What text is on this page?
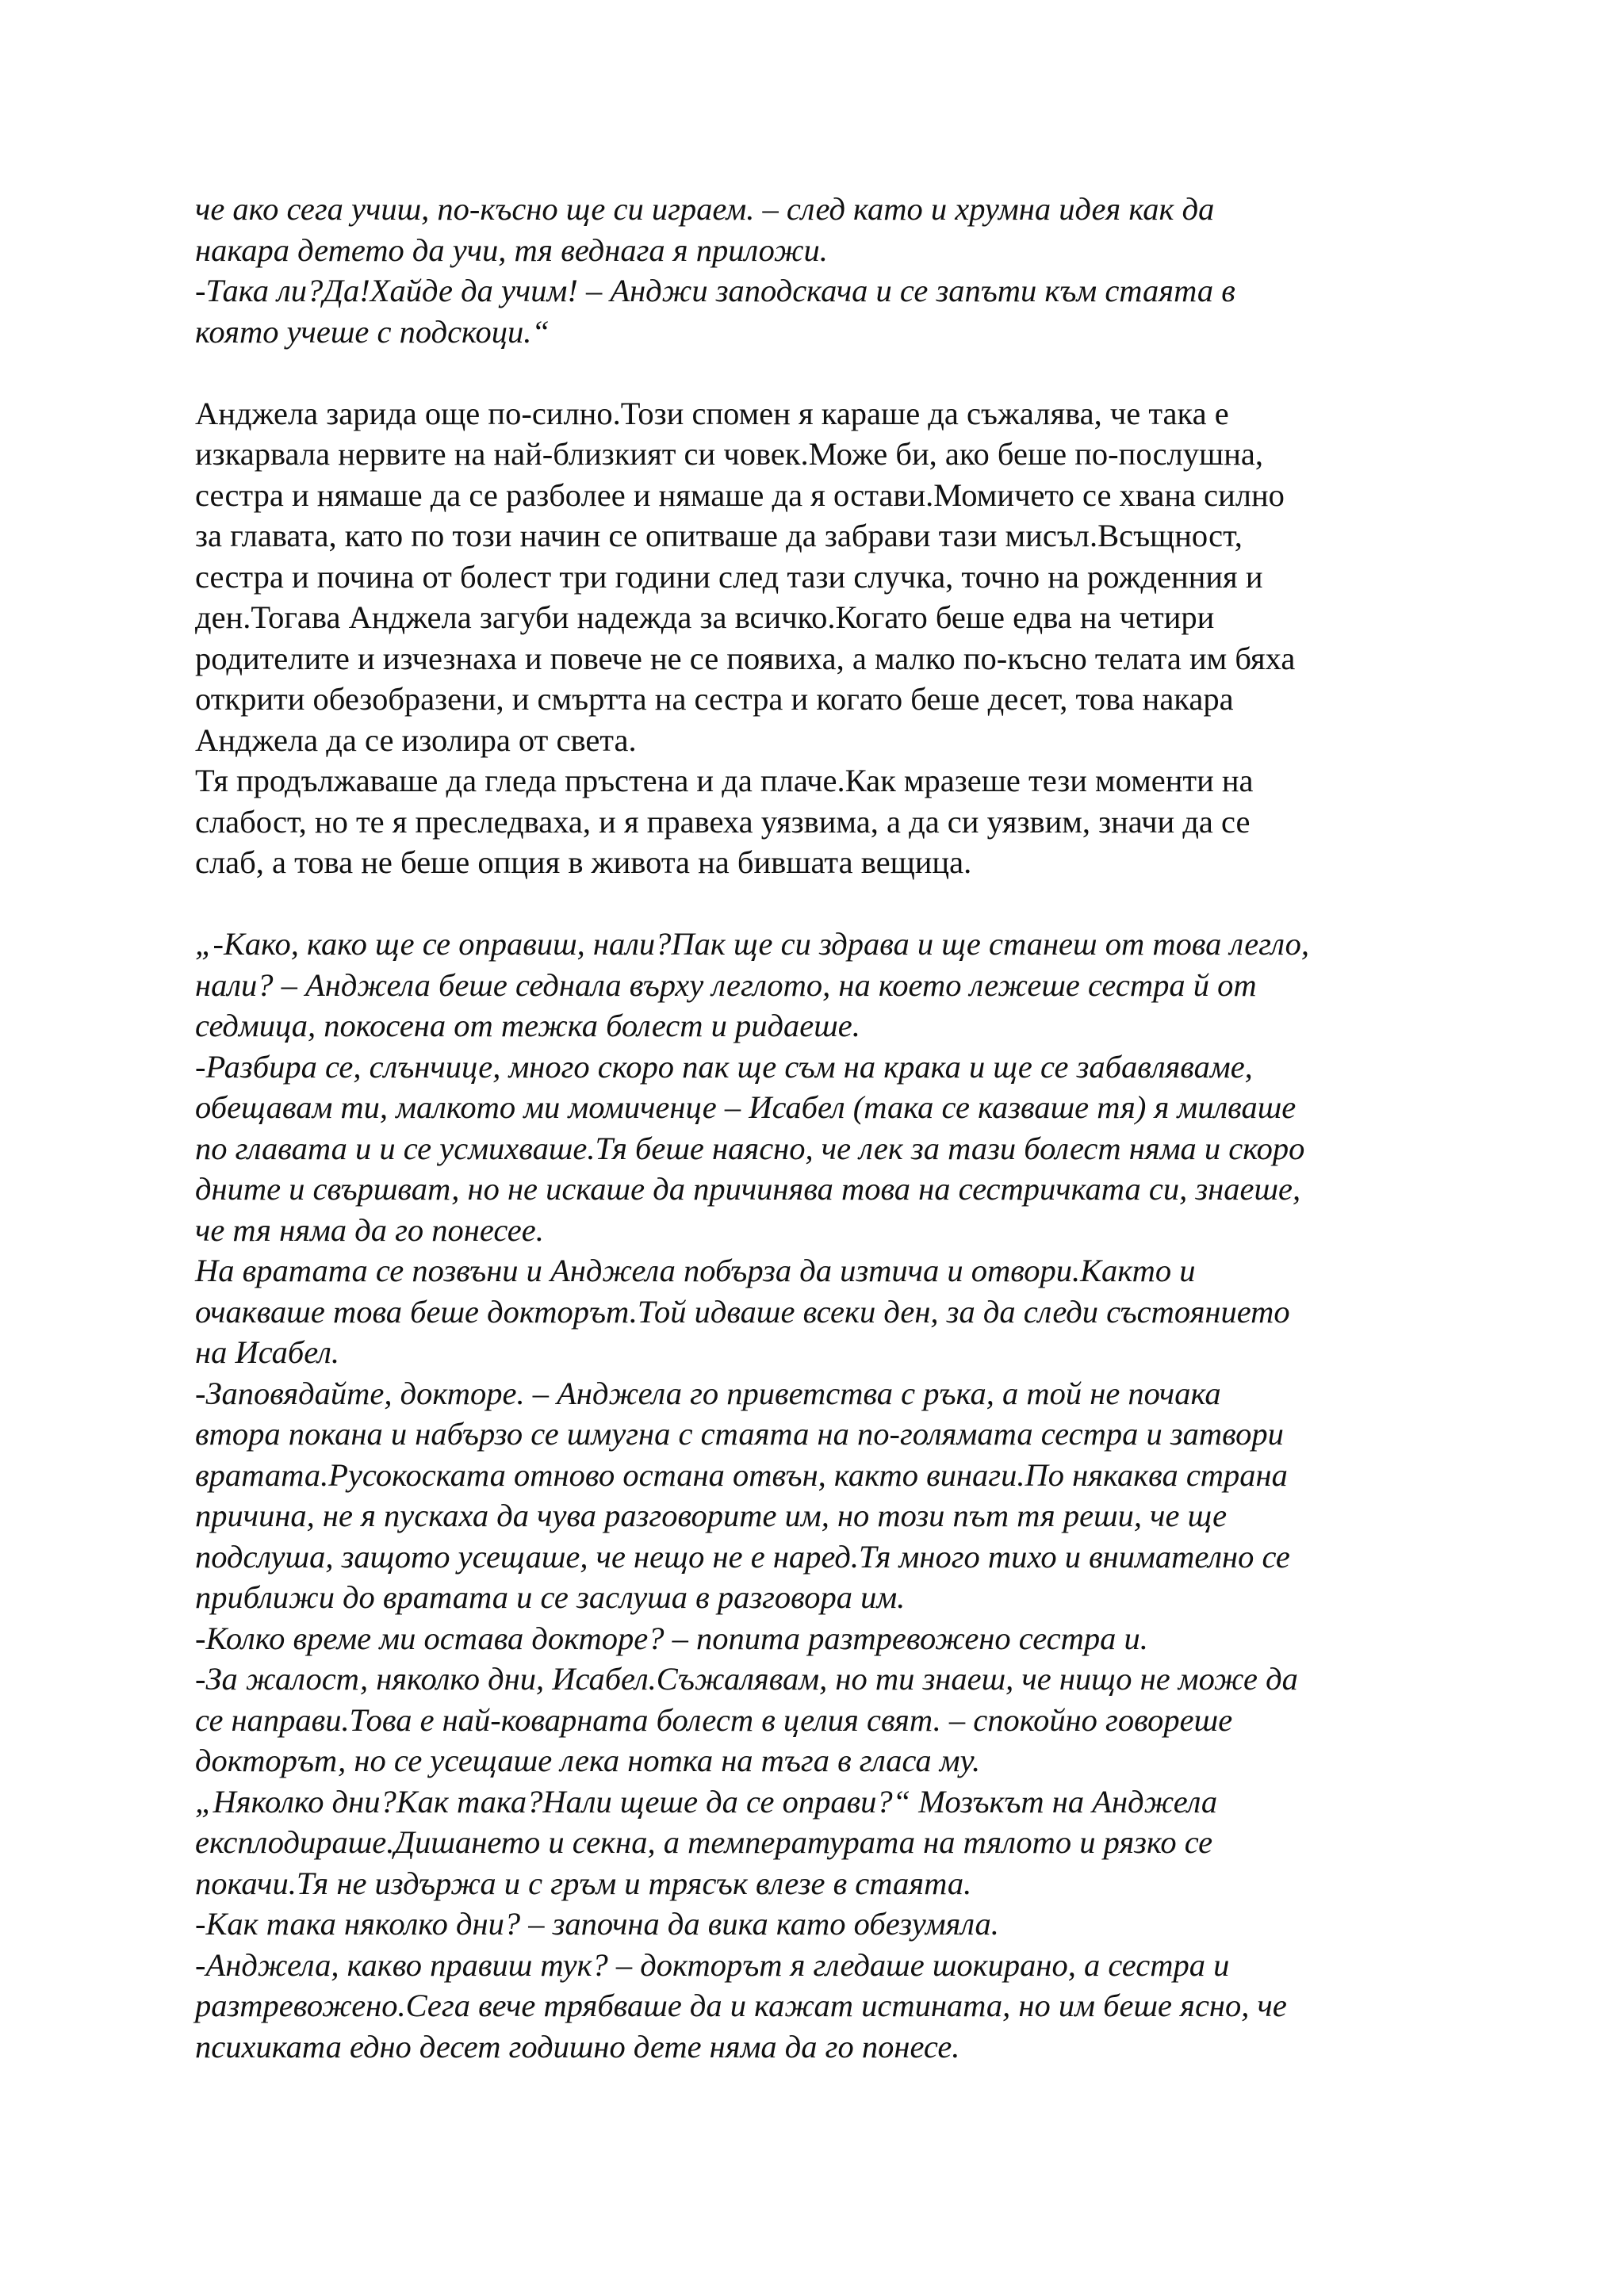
че ако сега учиш, по-късно ще си играем. – след като и хрумна идея как да
накара детето да учи, тя веднага я приложи.
-Така ли?Да!Хайде да учим! – Анджи заподскача и се запъти към стаята в
която учеше с подскоци.“
Анджела зарида още по-силно.Този спомен я караше да съжалява, че така е
изкарвала нервите на най-близкият си човек.Може би, ако беше по-послушна,
сестра и нямаше да се разболее и нямаше да я остави.Момичето се хвана силно
за главата, като по този начин се опитваше да забрави тази мисъл.Всъщност,
сестра и почина от болест три години след тази случка, точно на рожденния и
ден.Тогава Анджела загуби надежда за всичко.Когато беше едва на четири
родителите и изчезнаха и повече не се появиха, а малко по-късно телата им бяха
открити обезобразени, и смъртта на сестра и когато беше десет, това накара
Анджела да се изолира от света.
Тя продължаваше да гледа пръстена и да плаче.Как мразеше тези моменти на
слабост, но те я преследваха, и я правеха уязвима, а да си уязвим, значи да се
слаб, а това не беше опция в живота на бившата вещица.
„-Како, како ще се оправиш, нали?Пак ще си здрава и ще станеш от това легло,
нали? – Анджела беше седнала върху леглото, на което лежеше сестра й от
седмица, покосена от тежка болест и ридаеше.
-Разбира се, слънчице, много скоро пак ще съм на крака и ще се забавляваме,
обещавам ти, малкото ми момиченце – Исабел (така се казваше тя) я милваше
по главата и и се усмихваше.Тя беше наясно, че лек за тази болест няма и скоро
дните и свършват, но не искаше да причинява това на сестричката си, знаеше,
че тя няма да го понесее.
На вратата се позвъни и Анджела побърза да изтича и отвори.Както и
очакваше това беше докторът.Той идваше всеки ден, за да следи състоянието
на Исабел.
-Заповядайте, докторе. – Анджела го приветства с ръка, а той не почака
втора покана и набързо се шмугна с стаята на по-голямата сестра и затвори
вратата.Русокоската отново остана отвън, както винаги.По някаква странa
причина, не я пускаха да чува разговорите им, но този път тя реши, че ще
подслуша, защото усещаше, че нещо не е наред.Тя много тихо и внимателно се
приближи до вратата и се заслуша в разговора им.
-Колко време ми остава докторе? – попита разтревожено сестра и.
-За жалост, няколко дни, Исабел.Съжалявам, но ти знаеш, че нищо не може да
се направи.Това е най-коварната болест в целия свят. – спокойно говореше
докторът, но се усещаше лека нотка на тъга в гласа му.
„Няколко дни?Как така?Нали щеше да се оправи?“ Мозъкът на Анджела
експлодираше.Дишането и секна, а температурата на тялото и рязко се
покачи.Тя не издържа и с гръм и трясък влезе в стаята.
-Как така няколко дни? – започна да вика като обезумяла.
-Анджела, какво правиш тук? – докторът я гледаше шокирано, а сестра и
разтревожено.Сега вече трябваше да и кажат истината, но им беше ясно, че
психиката едно десет годишно дете няма да го понесе.
